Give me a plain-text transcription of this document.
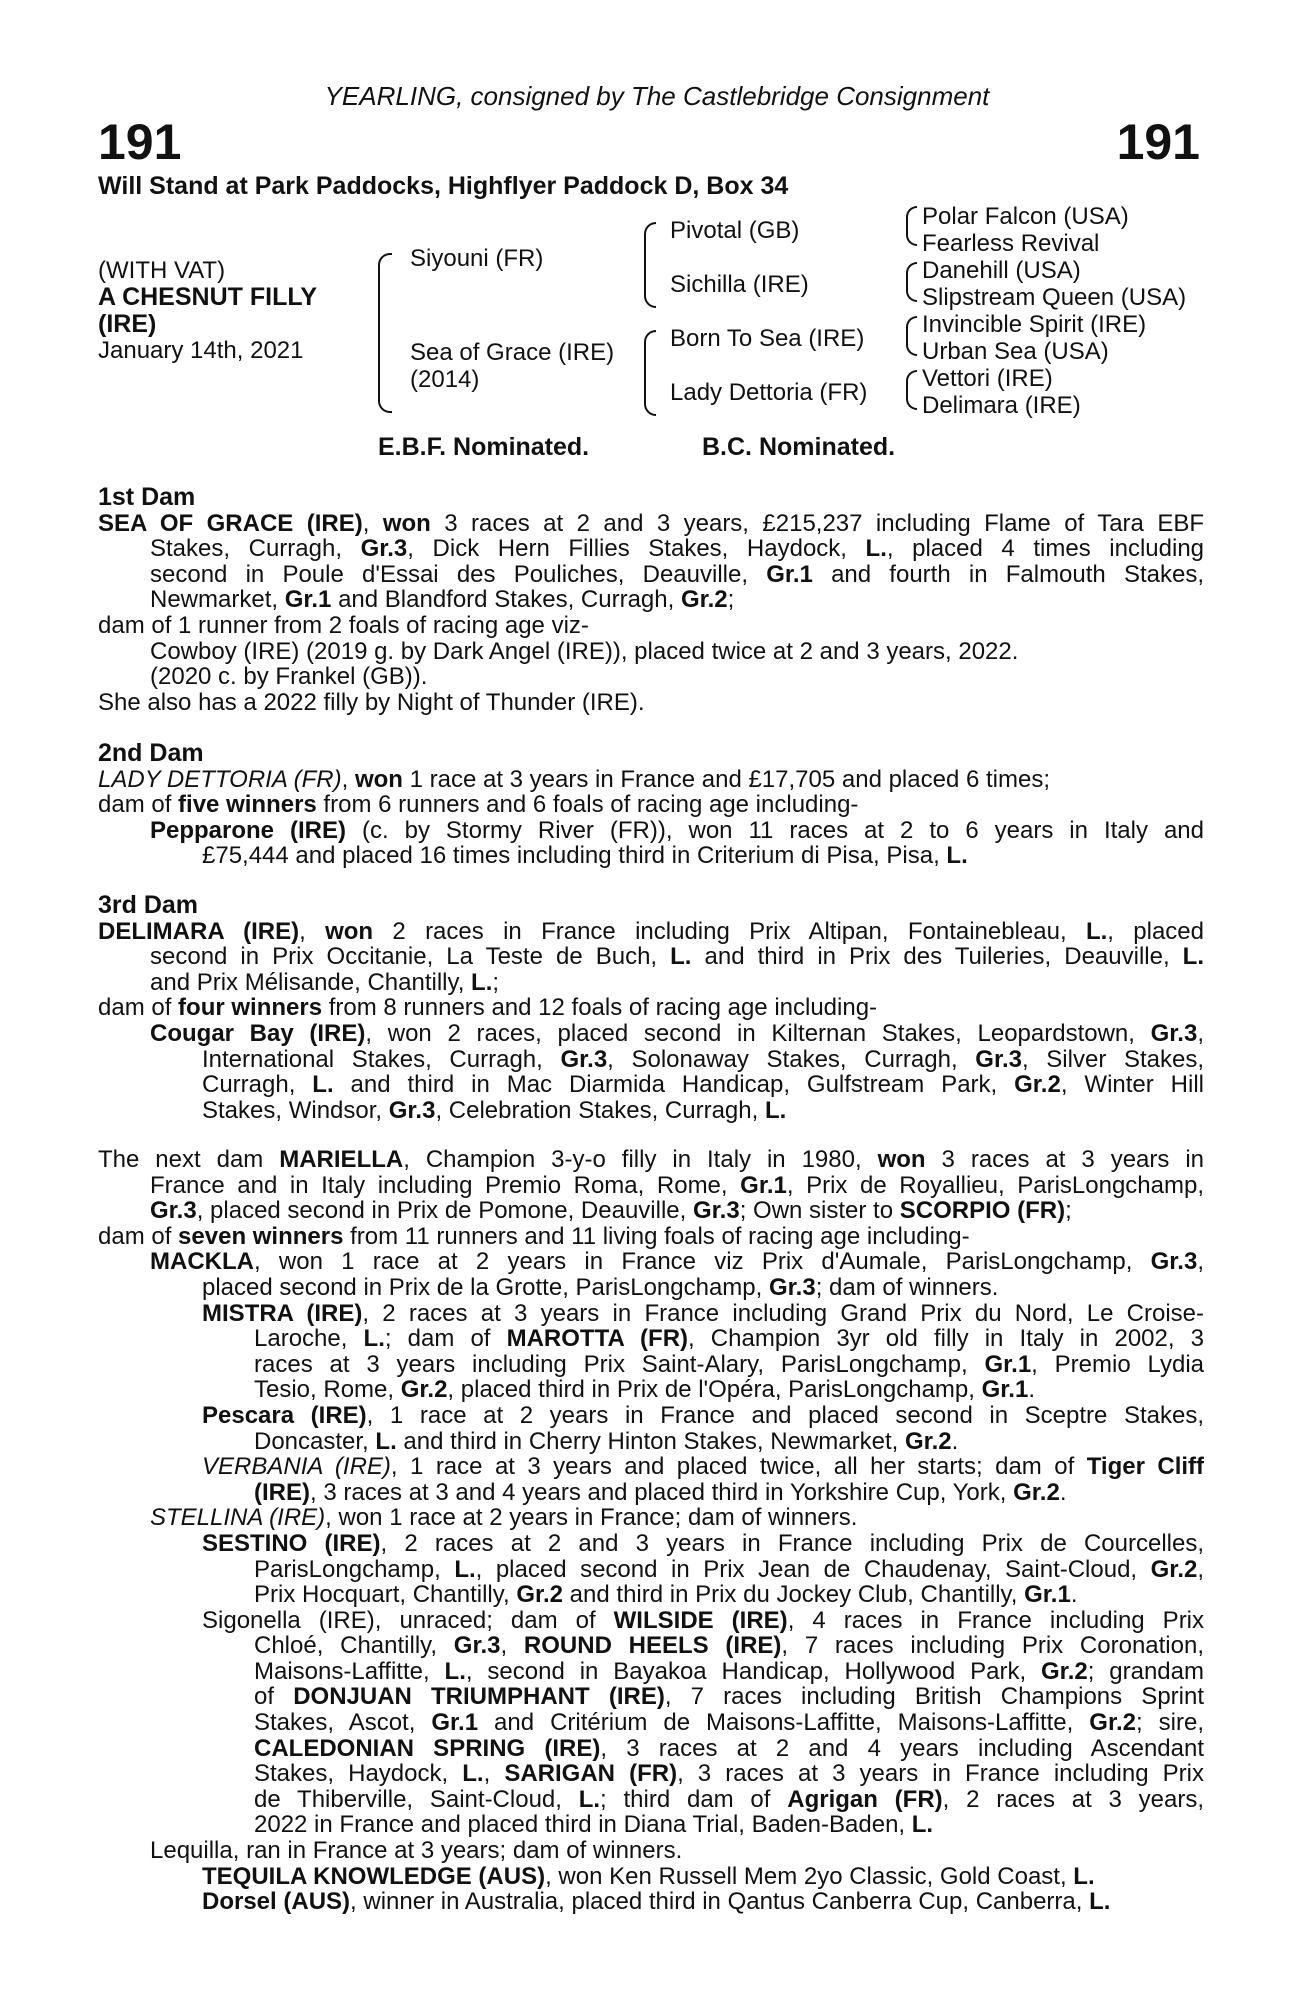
YEARLING, consigned by The Castlebridge Consignment
191	191
Will Stand at Park Paddocks, Highflyer Paddock D, Box 34
(WITH VAT)
A CHESNUT FILLY
(IRE)
January 14th, 2021
Siyouni (FR)
Sea of Grace (IRE)
(2014)
Pivotal (GB)
Sichilla (IRE)
Born To Sea (IRE)
Lady Dettoria (FR)
Polar Falcon (USA)
Fearless Revival
Danehill (USA)
Slipstream Queen (USA)
Invincible Spirit (IRE)
Urban Sea (USA)
Vettori (IRE)
Delimara (IRE)
E.B.F. Nominated.	B.C. Nominated.
1st Dam
SEA OF GRACE (IRE), won 3 races at 2 and 3 years, £215,237 including Flame of Tara EBF
Stakes, Curragh, Gr.3, Dick Hern Fillies Stakes, Haydock, L., placed 4 times including
second in Poule d'Essai des Pouliches, Deauville, Gr.1 and fourth in Falmouth Stakes,
Newmarket, Gr.1 and Blandford Stakes, Curragh, Gr.2;
dam of 1 runner from 2 foals of racing age viz-
Cowboy (IRE) (2019 g. by Dark Angel (IRE)), placed twice at 2 and 3 years, 2022.
(2020 c. by Frankel (GB)).
She also has a 2022 filly by Night of Thunder (IRE).
2nd Dam
LADY DETTORIA (FR), won 1 race at 3 years in France and £17,705 and placed 6 times;
dam of five winners from 6 runners and 6 foals of racing age including-
Pepparone (IRE) (c. by Stormy River (FR)), won 11 races at 2 to 6 years in Italy and
£75,444 and placed 16 times including third in Criterium di Pisa, Pisa, L.
3rd Dam
DELIMARA (IRE), won 2 races in France including Prix Altipan, Fontainebleau, L., placed
second in Prix Occitanie, La Teste de Buch, L. and third in Prix des Tuileries, Deauville, L.
and Prix Mélisande, Chantilly, L.;
dam of four winners from 8 runners and 12 foals of racing age including-
Cougar Bay (IRE), won 2 races, placed second in Kilternan Stakes, Leopardstown, Gr.3,
International Stakes, Curragh, Gr.3, Solonaway Stakes, Curragh, Gr.3, Silver Stakes,
Curragh, L. and third in Mac Diarmida Handicap, Gulfstream Park, Gr.2, Winter Hill
Stakes, Windsor, Gr.3, Celebration Stakes, Curragh, L.
The next dam MARIELLA, Champion 3-y-o filly in Italy in 1980, won 3 races at 3 years in
France and in Italy including Premio Roma, Rome, Gr.1, Prix de Royallieu, ParisLongchamp,
Gr.3, placed second in Prix de Pomone, Deauville, Gr.3; Own sister to SCORPIO (FR);
dam of seven winners from 11 runners and 11 living foals of racing age including-
MACKLA, won 1 race at 2 years in France viz Prix d'Aumale, ParisLongchamp, Gr.3,
placed second in Prix de la Grotte, ParisLongchamp, Gr.3; dam of winners.
MISTRA (IRE), 2 races at 3 years in France including Grand Prix du Nord, Le Croise-
Laroche, L.; dam of MAROTTA (FR), Champion 3yr old filly in Italy in 2002, 3
races at 3 years including Prix Saint-Alary, ParisLongchamp, Gr.1, Premio Lydia
Tesio, Rome, Gr.2, placed third in Prix de l'Opéra, ParisLongchamp, Gr.1.
Pescara (IRE), 1 race at 2 years in France and placed second in Sceptre Stakes,
Doncaster, L. and third in Cherry Hinton Stakes, Newmarket, Gr.2.
VERBANIA (IRE), 1 race at 3 years and placed twice, all her starts; dam of Tiger Cliff
(IRE), 3 races at 3 and 4 years and placed third in Yorkshire Cup, York, Gr.2.
STELLINA (IRE), won 1 race at 2 years in France; dam of winners.
SESTINO (IRE), 2 races at 2 and 3 years in France including Prix de Courcelles,
ParisLongchamp, L., placed second in Prix Jean de Chaudenay, Saint-Cloud, Gr.2,
Prix Hocquart, Chantilly, Gr.2 and third in Prix du Jockey Club, Chantilly, Gr.1.
Sigonella (IRE), unraced; dam of WILSIDE (IRE), 4 races in France including Prix
Chloé, Chantilly, Gr.3, ROUND HEELS (IRE), 7 races including Prix Coronation,
Maisons-Laffitte, L., second in Bayakoa Handicap, Hollywood Park, Gr.2; grandam
of DONJUAN TRIUMPHANT (IRE), 7 races including British Champions Sprint
Stakes, Ascot, Gr.1 and Critérium de Maisons-Laffitte, Maisons-Laffitte, Gr.2; sire,
CALEDONIAN SPRING (IRE), 3 races at 2 and 4 years including Ascendant
Stakes, Haydock, L., SARIGAN (FR), 3 races at 3 years in France including Prix
de Thiberville, Saint-Cloud, L.; third dam of Agrigan (FR), 2 races at 3 years,
2022 in France and placed third in Diana Trial, Baden-Baden, L.
Lequilla, ran in France at 3 years; dam of winners.
TEQUILA KNOWLEDGE (AUS), won Ken Russell Mem 2yo Classic, Gold Coast, L.
Dorsel (AUS), winner in Australia, placed third in Qantus Canberra Cup, Canberra, L.
